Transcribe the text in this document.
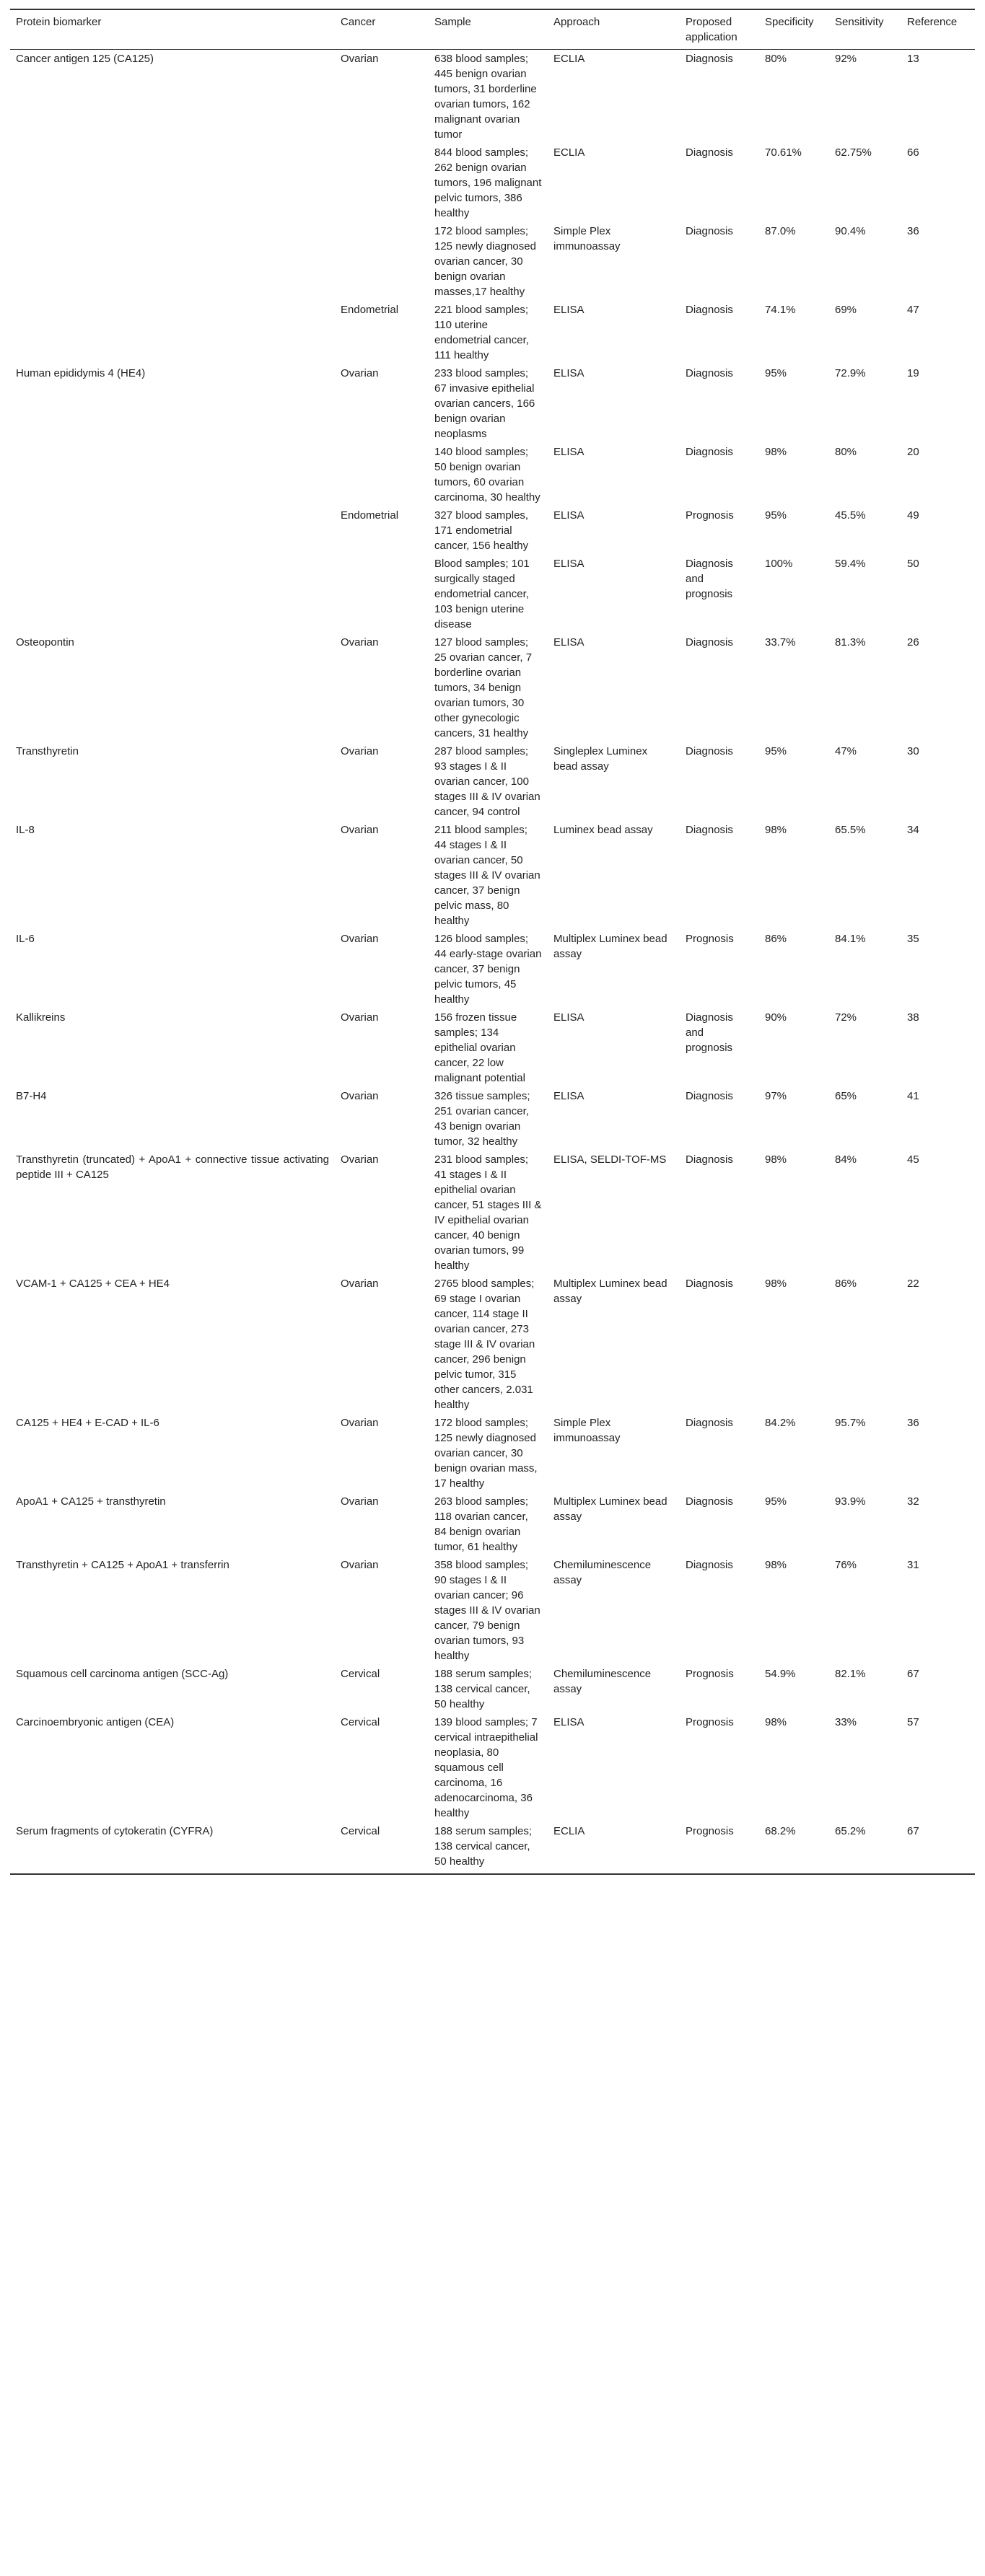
Protein biomarker	Cancer	Sample	Approach	Proposed application	Specificity	Sensitivity	Reference
Cancer antigen 125 (CA125)	Ovarian	638 blood samples; 445 benign ovarian tumors, 31 borderline ovarian tumors, 162 malignant ovarian tumor	ECLIA	Diagnosis	80%	92%	13
		844 blood samples; 262 benign ovarian tumors, 196 malignant pelvic tumors, 386 healthy	ECLIA	Diagnosis	70.61%	62.75%	66
		172 blood samples; 125 newly diagnosed ovarian cancer, 30 benign ovarian masses,17 healthy	Simple Plex immunoassay	Diagnosis	87.0%	90.4%	36
	Endometrial	221 blood samples; 110 uterine endometrial cancer, 111 healthy	ELISA	Diagnosis	74.1%	69%	47
Human epididymis 4 (HE4)	Ovarian	233 blood samples; 67 invasive epithelial ovarian cancers, 166 benign ovarian neoplasms	ELISA	Diagnosis	95%	72.9%	19
		140 blood samples; 50 benign ovarian tumors, 60 ovarian carcinoma, 30 healthy	ELISA	Diagnosis	98%	80%	20
	Endometrial	327 blood samples, 171 endometrial cancer, 156 healthy	ELISA	Prognosis	95%	45.5%	49
		Blood samples; 101 surgically staged endometrial cancer, 103 benign uterine disease	ELISA	Diagnosis and prognosis	100%	59.4%	50
Osteopontin	Ovarian	127 blood samples; 25 ovarian cancer, 7 borderline ovarian tumors, 34 benign ovarian tumors, 30 other gynecologic cancers, 31 healthy	ELISA	Diagnosis	33.7%	81.3%	26
Transthyretin	Ovarian	287 blood samples; 93 stages I & II ovarian cancer, 100 stages III & IV ovarian cancer, 94 control	Singleplex Luminex bead assay	Diagnosis	95%	47%	30
IL-8	Ovarian	211 blood samples; 44 stages I & II ovarian cancer, 50 stages III & IV ovarian cancer, 37 benign pelvic mass, 80 healthy	Luminex bead assay	Diagnosis	98%	65.5%	34
IL-6	Ovarian	126 blood samples; 44 early-stage ovarian cancer, 37 benign pelvic tumors, 45 healthy	Multiplex Luminex bead assay	Prognosis	86%	84.1%	35
Kallikreins	Ovarian	156 frozen tissue samples; 134 epithelial ovarian cancer, 22 low malignant potential	ELISA	Diagnosis and prognosis	90%	72%	38
B7-H4	Ovarian	326 tissue samples; 251 ovarian cancer, 43 benign ovarian tumor, 32 healthy	ELISA	Diagnosis	97%	65%	41
Transthyretin (truncated) + ApoA1 + connective tissue activating peptide III + CA125	Ovarian	231 blood samples; 41 stages I & II epithelial ovarian cancer, 51 stages III & IV epithelial ovarian cancer, 40 benign ovarian tumors, 99 healthy	ELISA, SELDI-TOF-MS	Diagnosis	98%	84%	45
VCAM-1 + CA125 + CEA + HE4	Ovarian	2765 blood samples; 69 stage I ovarian cancer, 114 stage II ovarian cancer, 273 stage III & IV ovarian cancer, 296 benign pelvic tumor, 315 other cancers, 2.031 healthy	Multiplex Luminex bead assay	Diagnosis	98%	86%	22
CA125 + HE4 + E-CAD + IL-6	Ovarian	172 blood samples; 125 newly diagnosed ovarian cancer, 30 benign ovarian mass, 17 healthy	Simple Plex immunoassay	Diagnosis	84.2%	95.7%	36
ApoA1 + CA125 + transthyretin	Ovarian	263 blood samples; 118 ovarian cancer, 84 benign ovarian tumor, 61 healthy	Multiplex Luminex bead assay	Diagnosis	95%	93.9%	32
Transthyretin + CA125 + ApoA1 + transferrin	Ovarian	358 blood samples; 90 stages I & II ovarian cancer; 96 stages III & IV ovarian cancer, 79 benign ovarian tumors, 93 healthy	Chemiluminescence assay	Diagnosis	98%	76%	31
Squamous cell carcinoma antigen (SCC-Ag)	Cervical	188 serum samples; 138 cervical cancer, 50 healthy	Chemiluminescence assay	Prognosis	54.9%	82.1%	67
Carcinoembryonic antigen (CEA)	Cervical	139 blood samples; 7 cervical intraepithelial neoplasia, 80 squamous cell carcinoma, 16 adenocarcinoma, 36 healthy	ELISA	Prognosis	98%	33%	57
Serum fragments of cytokeratin (CYFRA)	Cervical	188 serum samples; 138 cervical cancer, 50 healthy	ECLIA	Prognosis	68.2%	65.2%	67
